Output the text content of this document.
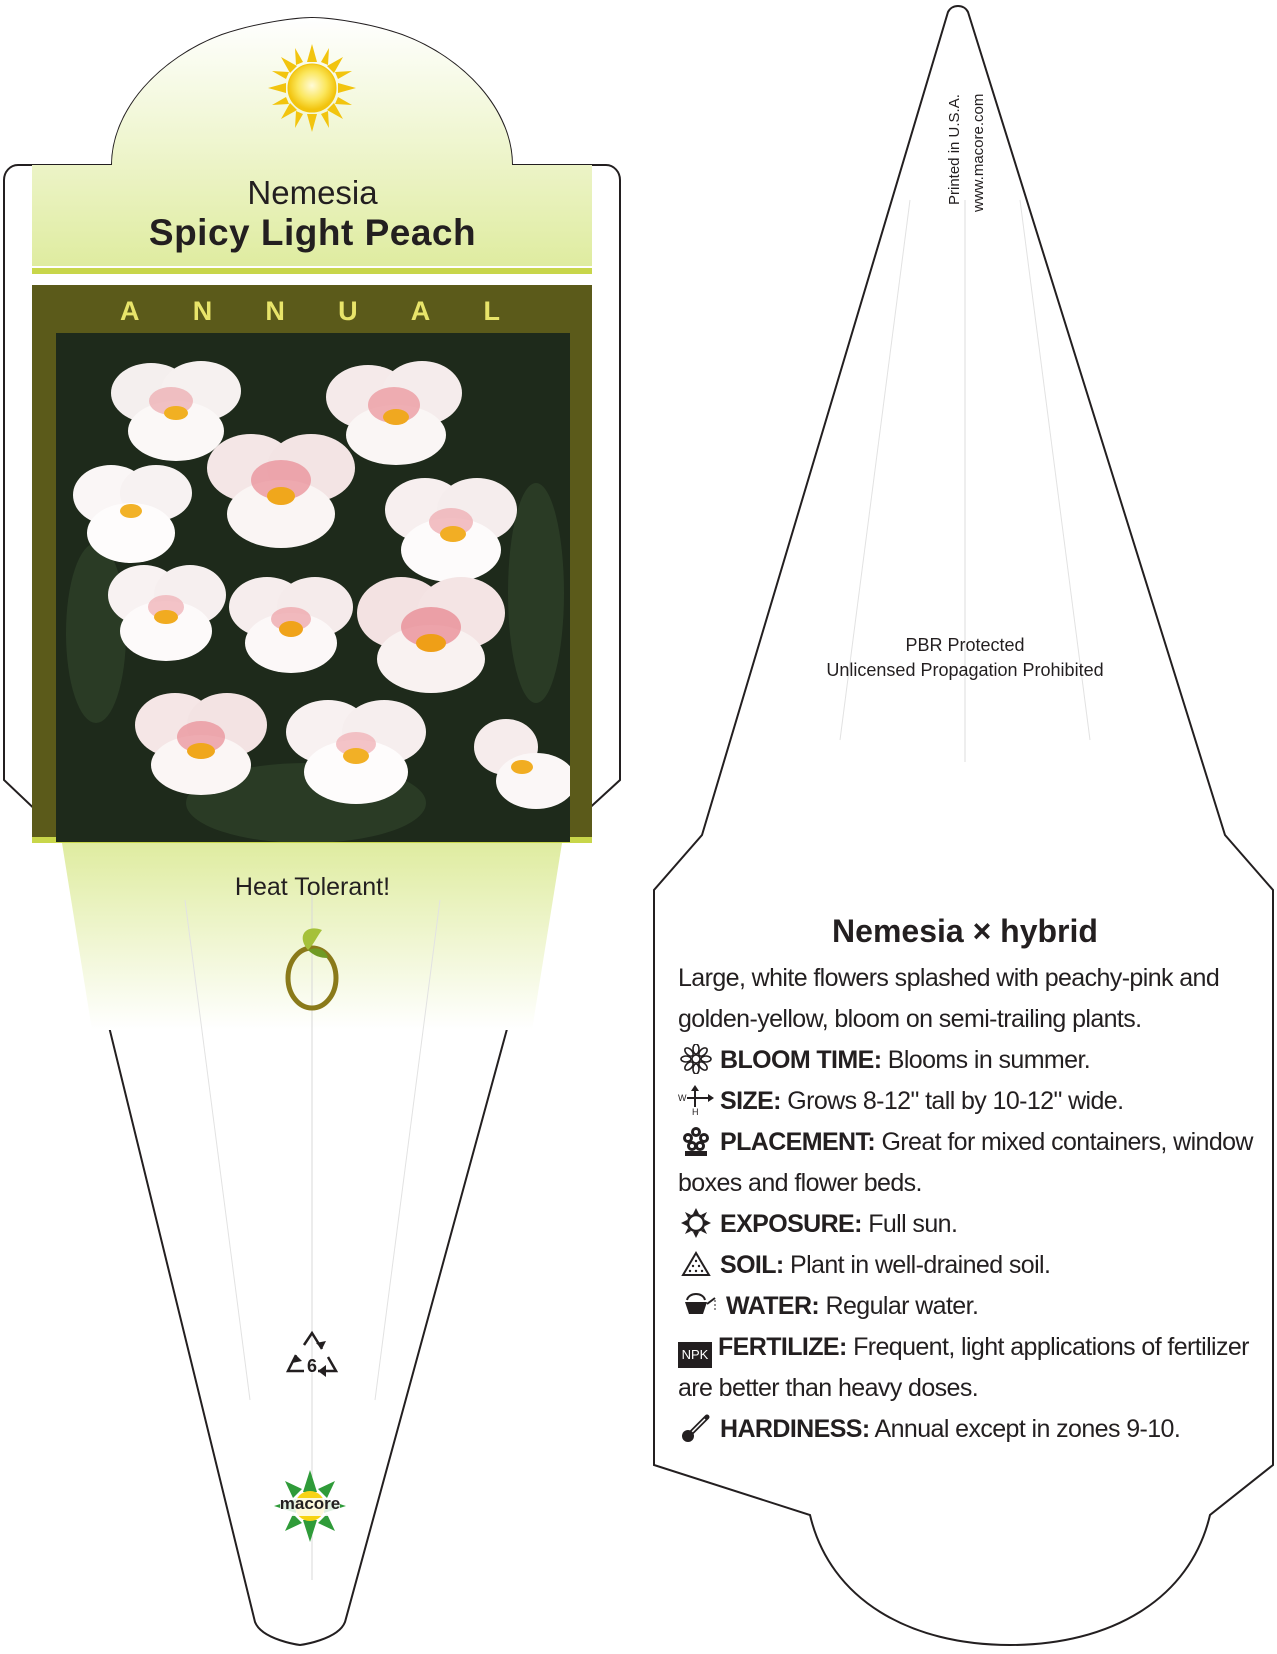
Nemesia
Spicy Light Peach
A N N U A L
Heat Tolerant!
6
macore
Printed in U.S.A. www.macore.com
PBR Protected
Unlicensed Propagation Prohibited
Nemesia × hybrid

Large, white flowers splashed with peachy-pink and golden-yellow, bloom on semi-trailing plants.

BLOOM TIME: Blooms in summer.
W
H SIZE: Grows 8-12" tall by 10-12" wide.
PLACEMENT: Great for mixed containers, window boxes and flower beds.
EXPOSURE: Full sun.
SOIL: Plant in well-drained soil.
WATER: Regular water.
NPK FERTILIZE: Frequent, light applications of fertilizer are better than heavy doses.
HARDINESS: Annual except in zones 9-10.
